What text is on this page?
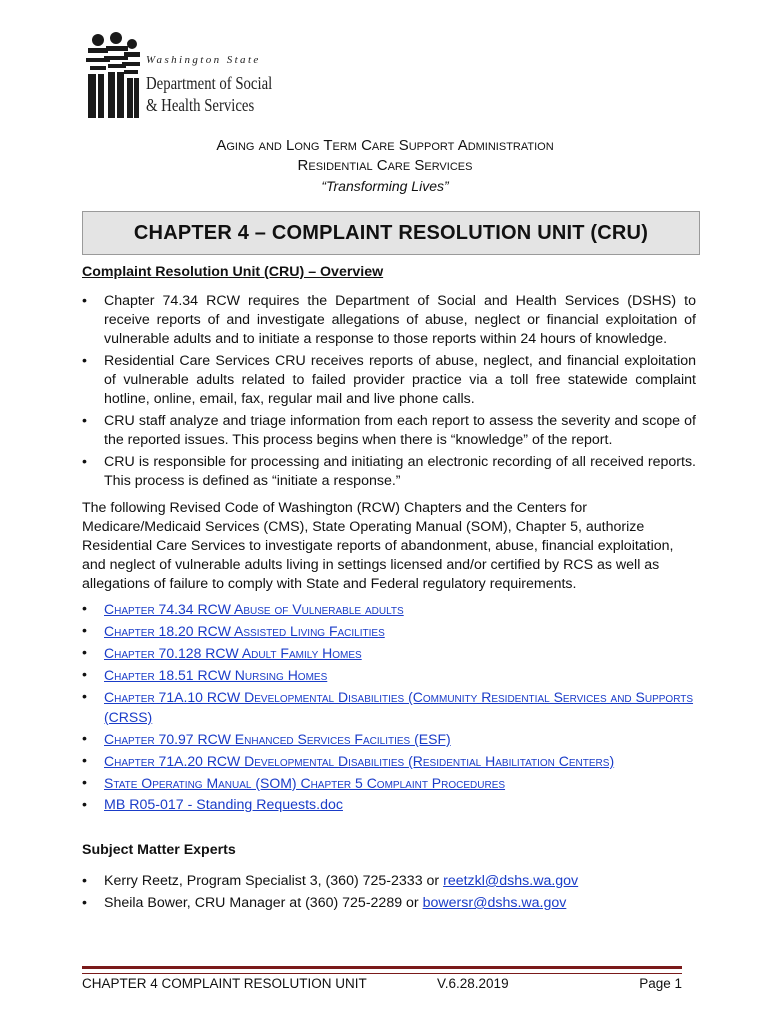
Washington State
Department of Social
& Health Services
Aging and Long Term Care Support Administration
Residential Care Services
“Transforming Lives”
CHAPTER 4 – COMPLAINT RESOLUTION UNIT (CRU)
Complaint Resolution Unit (CRU) – Overview
• Chapter 74.34 RCW requires the Department of Social and Health Services (DSHS) to receive reports of and investigate allegations of abuse, neglect or financial exploitation of vulnerable adults and to initiate a response to those reports within 24 hours of knowledge.
• Residential Care Services CRU receives reports of abuse, neglect, and financial exploitation of vulnerable adults related to failed provider practice via a toll free statewide complaint hotline, online, email, fax, regular mail and live phone calls.
• CRU staff analyze and triage information from each report to assess the severity and scope of the reported issues. This process begins when there is “knowledge” of the report.
• CRU is responsible for processing and initiating an electronic recording of all received reports. This process is defined as “initiate a response.”

The following Revised Code of Washington (RCW) Chapters and the Centers for Medicare/Medicaid Services (CMS), State Operating Manual (SOM), Chapter 5, authorize Residential Care Services to investigate reports of abandonment, abuse, financial exploitation, and neglect of vulnerable adults living in settings licensed and/or certified by RCS as well as allegations of failure to comply with State and Federal regulatory requirements.

• Chapter 74.34 RCW Abuse of Vulnerable adults
• Chapter 18.20 RCW Assisted Living Facilities
• Chapter 70.128 RCW Adult Family Homes
• Chapter 18.51 RCW Nursing Homes
• Chapter 71A.10 RCW Developmental Disabilities (Community Residential Services and Supports (CRSS)
• Chapter 70.97 RCW Enhanced Services Facilities (ESF)
• Chapter 71A.20 RCW Developmental Disabilities (Residential Habilitation Centers)
• State Operating Manual (SOM) Chapter 5 Complaint Procedures
• MB R05-017 - Standing Requests.doc
Subject Matter Experts
• Kerry Reetz, Program Specialist 3, (360) 725-2333 or reetzkl@dshs.wa.gov
• Sheila Bower, CRU Manager at (360) 725-2289 or bowersr@dshs.wa.gov
CHAPTER 4 COMPLAINT RESOLUTION UNIT	V.6.28.2019	Page 1
